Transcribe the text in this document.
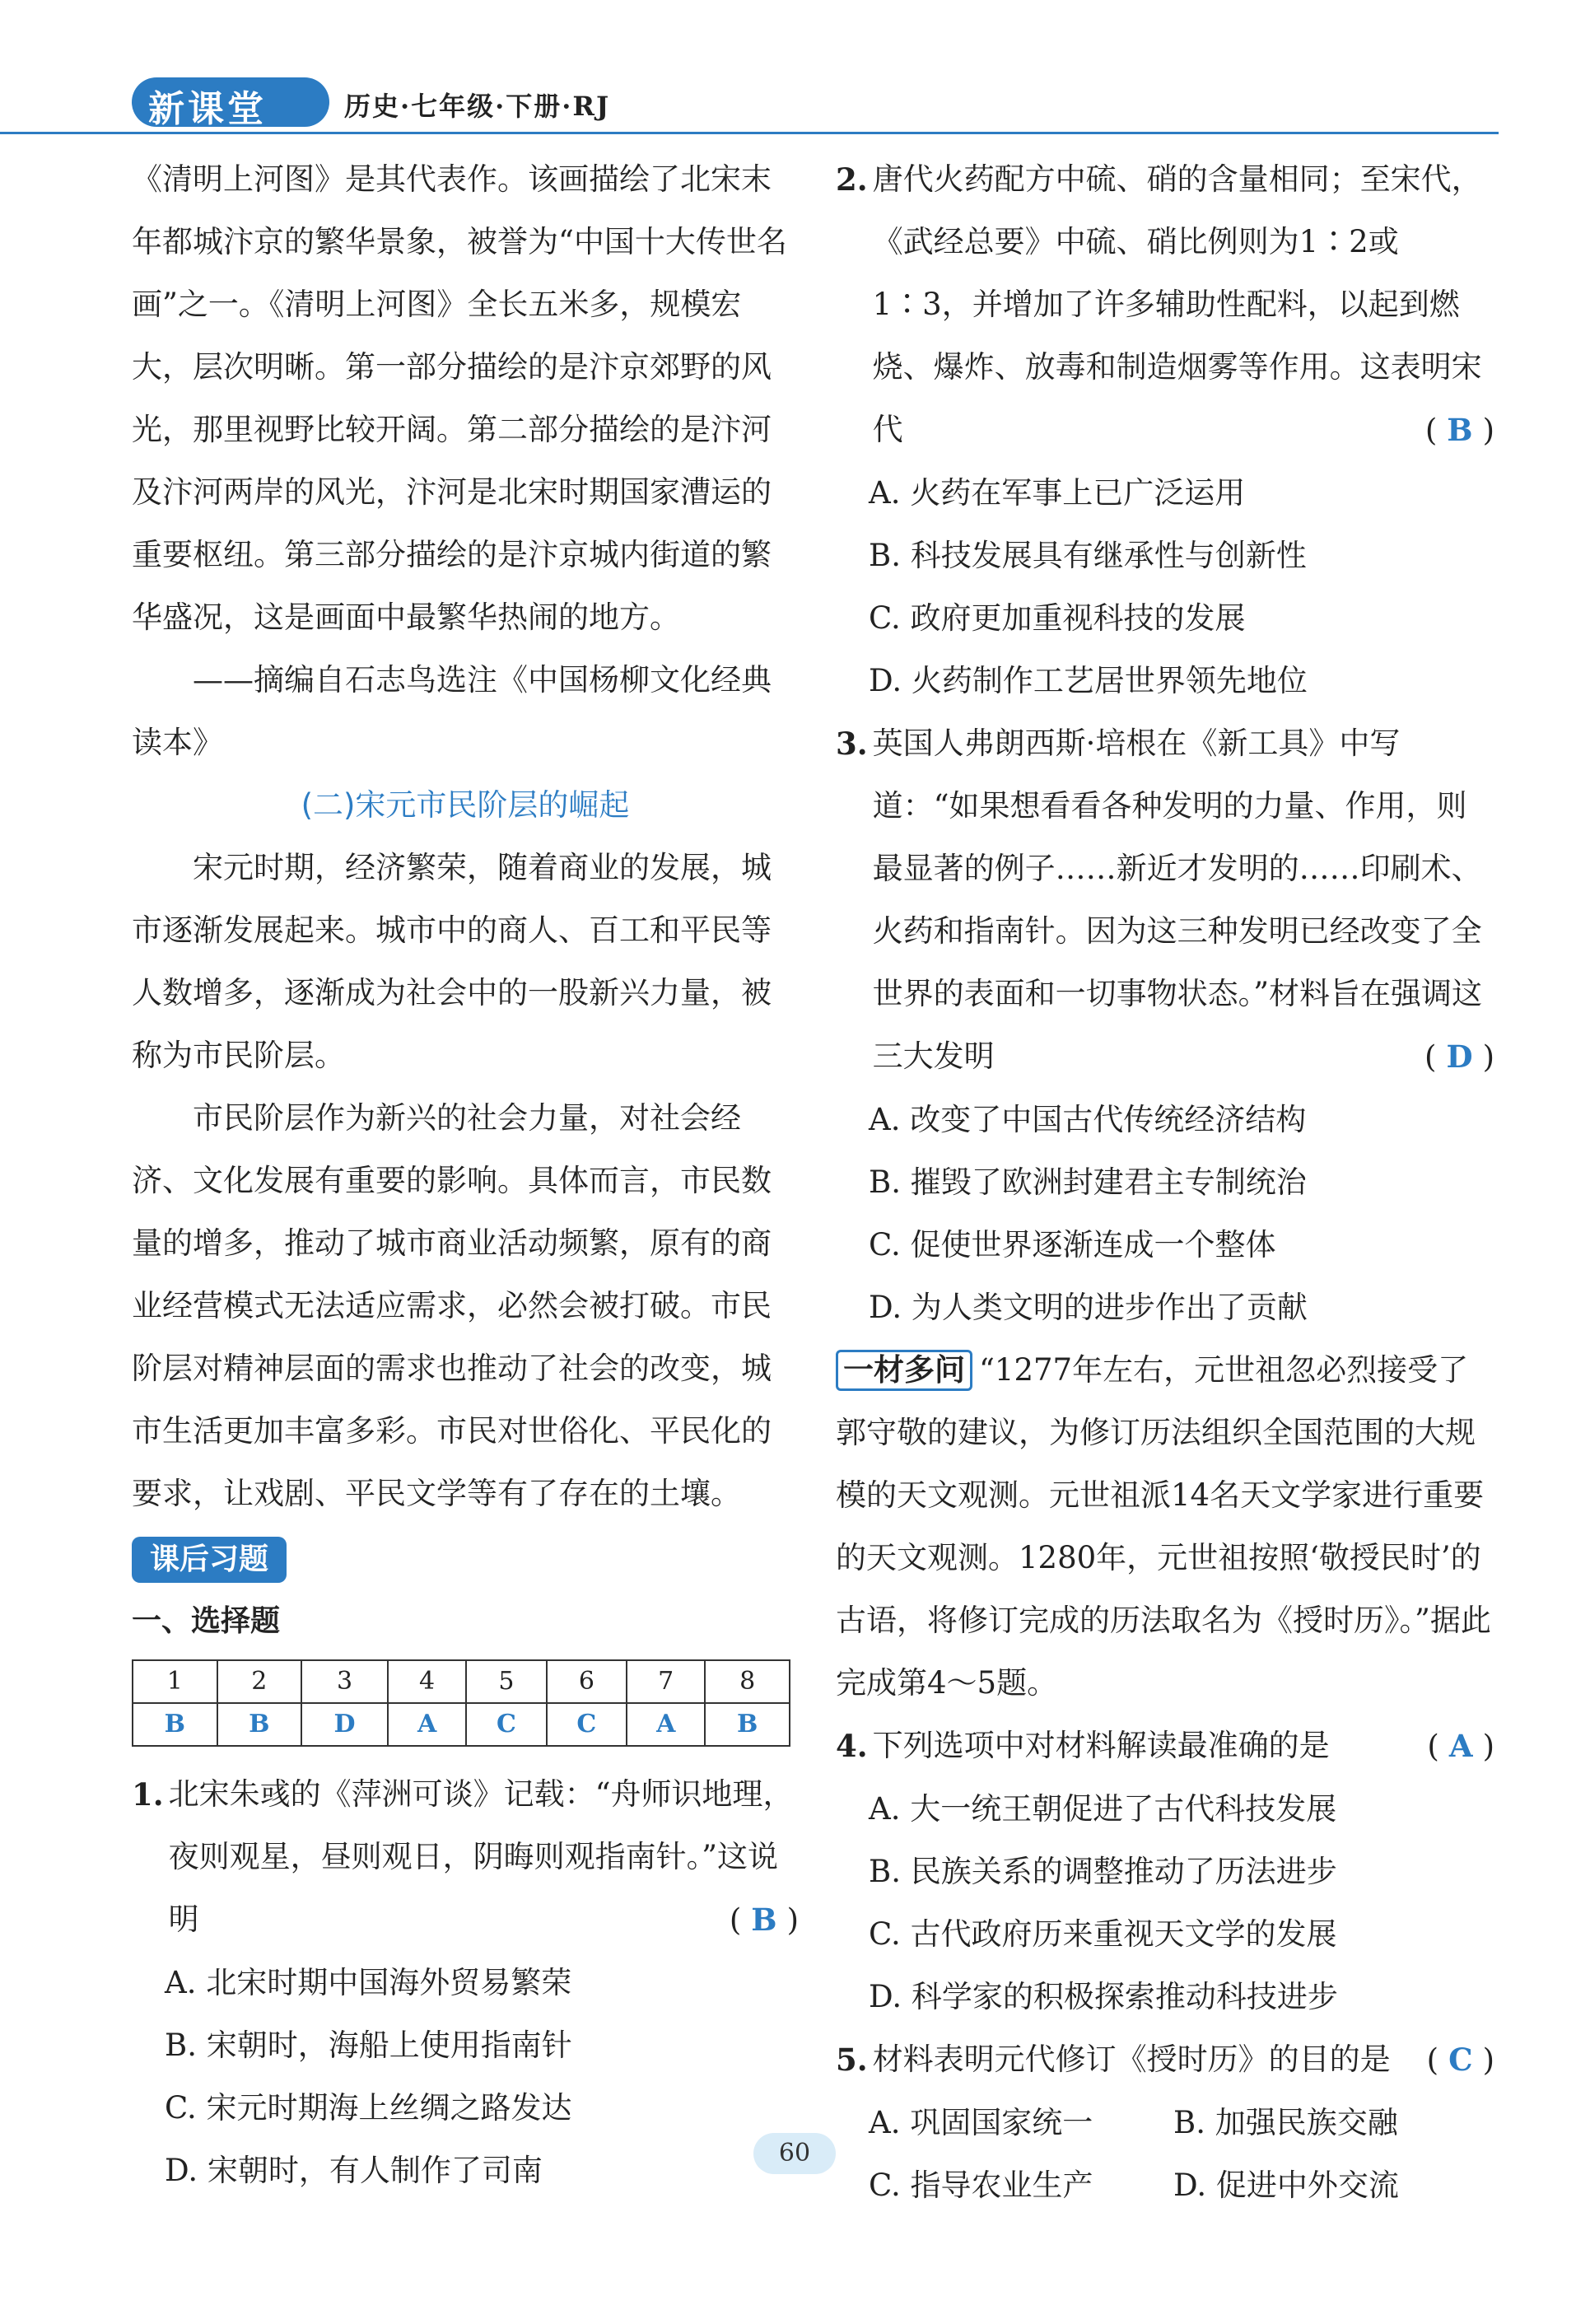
新课堂	历史·七年级·下册·RJ

《清明上河图》是其代表作。该画描绘了北宋末年都城汴京的繁华景象，被誉为“中国十大传世名画”之一。《清明上河图》全长五米多，规模宏大，层次明晰。第一部分描绘的是汴京郊野的风光，那里视野比较开阔。第二部分描绘的是汴河及汴河两岸的风光，汴河是北宋时期国家漕运的重要枢纽。第三部分描绘的是汴京城内街道的繁华盛况，这是画面中最繁华热闹的地方。

——摘编自石志鸟选注《中国杨柳文化经典读本》

(二)宋元市民阶层的崛起

宋元时期，经济繁荣，随着商业的发展，城市逐渐发展起来。城市中的商人、百工和平民等人数增多，逐渐成为社会中的一股新兴力量，被称为市民阶层。

市民阶层作为新兴的社会力量，对社会经济、文化发展有重要的影响。具体而言，市民数量的增多，推动了城市商业活动频繁，原有的商业经营模式无法适应需求，必然会被打破。市民阶层对精神层面的需求也推动了社会的改变，城市生活更加丰富多彩。市民对世俗化、平民化的要求，让戏剧、平民文学等有了存在的土壤。

课后习题

一、选择题

1	2	3	4	5	6	7	8
B	B	D	A	C	C	A	B
1. 北宋朱彧的《萍洲可谈》记载：“舟师识地理，夜则观星，昼则观日，阴晦则观指南针。”这说明	( B )

A. 北宋时期中国海外贸易繁荣

B. 宋朝时，海船上使用指南针

C. 宋元时期海上丝绸之路发达

D. 宋朝时，有人制作了司南

2. 唐代火药配方中硫、硝的含量相同；至宋代，《武经总要》中硫、硝比例则为1∶2或1∶3，并增加了许多辅助性配料，以起到燃烧、爆炸、放毒和制造烟雾等作用。这表明宋代	( B )

A. 火药在军事上已广泛运用

B. 科技发展具有继承性与创新性

C. 政府更加重视科技的发展

D. 火药制作工艺居世界领先地位

3. 英国人弗朗西斯·培根在《新工具》中写道：“如果想看看各种发明的力量、作用，则最显著的例子……新近才发明的……印刷术、火药和指南针。因为这三种发明已经改变了全世界的表面和一切事物状态。”材料旨在强调这三大发明	( D )

A. 改变了中国古代传统经济结构

B. 摧毁了欧洲封建君主专制统治

C. 促使世界逐渐连成一个整体

D. 为人类文明的进步作出了贡献

一材多问 “1277年左右，元世祖忽必烈接受了郭守敬的建议，为修订历法组织全国范围的大规模的天文观测。元世祖派14名天文学家进行重要的天文观测。1280年，元世祖按照‘敬授民时’的古语，将修订完成的历法取名为《授时历》。”据此完成第4～5题。

4. 下列选项中对材料解读最准确的是	( A )

A. 大一统王朝促进了古代科技发展

B. 民族关系的调整推动了历法进步

C. 古代政府历来重视天文学的发展

D. 科学家的积极探索推动科技进步

5. 材料表明元代修订《授时历》的目的是 ( C )
A. 巩固国家统一	B. 加强民族交融
C. 指导农业生产	D. 促进中外交流
60
